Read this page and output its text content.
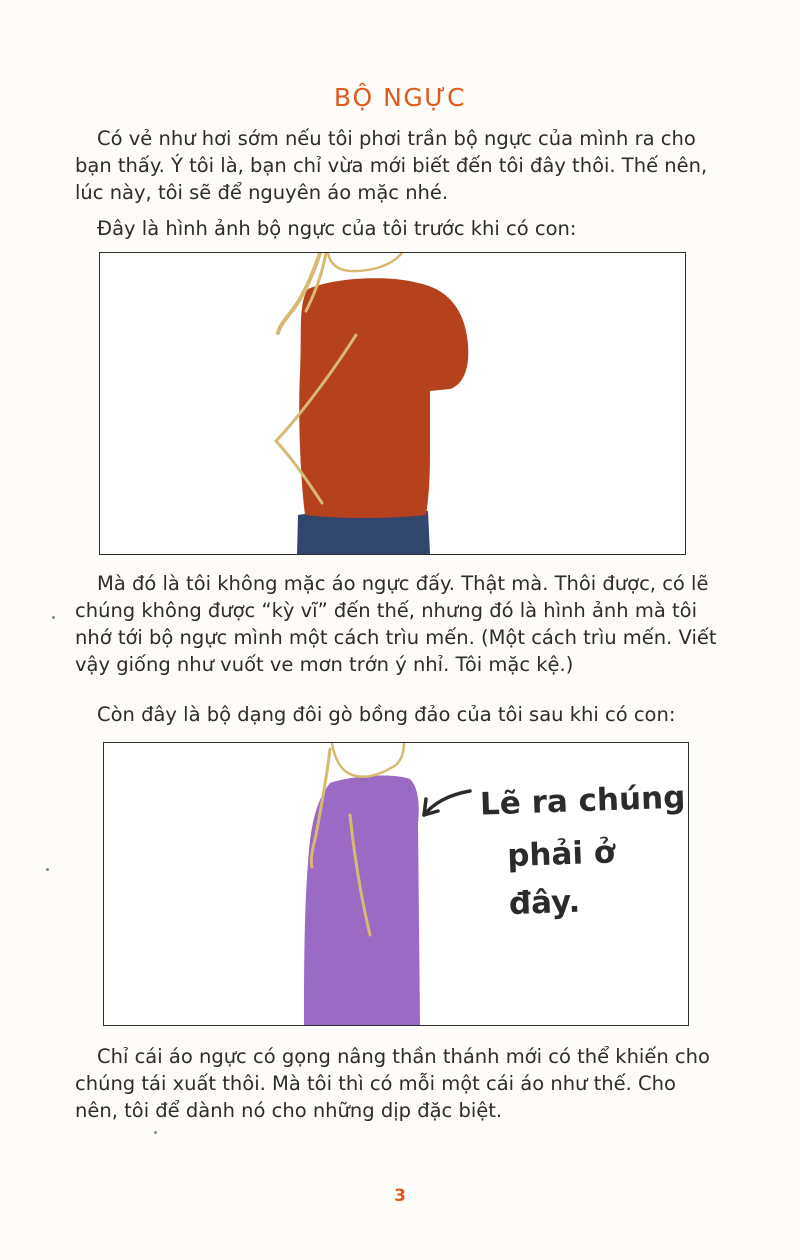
BỘ NGỰC

Có vẻ như hơi sớm nếu tôi phơi trần bộ ngực của mình ra cho bạn thấy. Ý tôi là, bạn chỉ vừa mới biết đến tôi đây thôi. Thế nên, lúc này, tôi sẽ để nguyên áo mặc nhé.

Đây là hình ảnh bộ ngực của tôi trước khi có con:

Mà đó là tôi không mặc áo ngực đấy. Thật mà. Thôi được, có lẽ chúng không được “kỳ vĩ” đến thế, nhưng đó là hình ảnh mà tôi nhớ tới bộ ngực mình một cách trìu mến. (Một cách trìu mến. Viết vậy giống như vuốt ve mơn trớn ý nhỉ. Tôi mặc kệ.)

Còn đây là bộ dạng đôi gò bồng đảo của tôi sau khi có con:

Lẽ ra chúng
phải ở đây.

Chỉ cái áo ngực có gọng nâng thần thánh mới có thể khiến cho chúng tái xuất thôi. Mà tôi thì có mỗi một cái áo như thế. Cho nên, tôi để dành nó cho những dịp đặc biệt.

3
